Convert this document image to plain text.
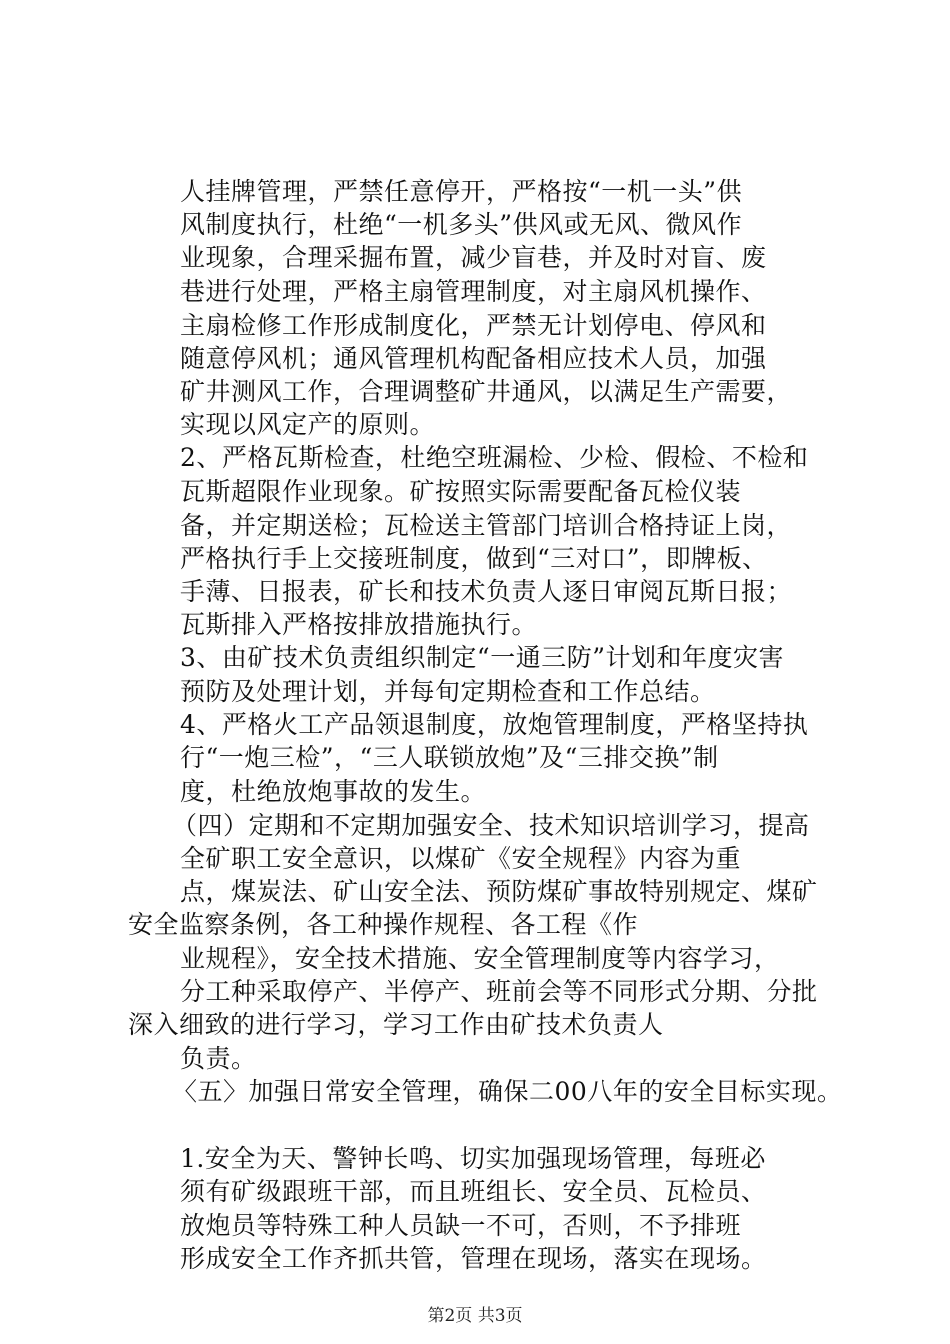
人挂牌管理，严禁任意停开，严格按“一机一头”供
风制度执行，杜绝“一机多头”供风或无风、微风作
业现象，合理采掘布置，减少盲巷，并及时对盲、废
巷进行处理，严格主扇管理制度，对主扇风机操作、
主扇检修工作形成制度化，严禁无计划停电、停风和
随意停风机；通风管理机构配备相应技术人员，加强
矿井测风工作，合理调整矿井通风，以满足生产需要，
实现以风定产的原则。
2、严格瓦斯检查，杜绝空班漏检、少检、假检、不检和
瓦斯超限作业现象。矿按照实际需要配备瓦检仪装
备，并定期送检；瓦检送主管部门培训合格持证上岗，
严格执行手上交接班制度，做到“三对口”，即牌板、
手薄、日报表，矿长和技术负责人逐日审阅瓦斯日报；
瓦斯排入严格按排放措施执行。
3、由矿技术负责组织制定“一通三防”计划和年度灾害
预防及处理计划，并每旬定期检查和工作总结。
4、严格火工产品领退制度，放炮管理制度，严格坚持执
行“一炮三检”，“三人联锁放炮”及“三排交换”制
度，杜绝放炮事故的发生。
（四）定期和不定期加强安全、技术知识培训学习，提高
全矿职工安全意识，以煤矿《安全规程》内容为重
点，煤炭法、矿山安全法、预防煤矿事故特别规定、煤矿
安全监察条例，各工种操作规程、各工程《作
业规程》，安全技术措施、安全管理制度等内容学习，
分工种采取停产、半停产、班前会等不同形式分期、分批
深入细致的进行学习，学习工作由矿技术负责人
负责。
〈五〉加强日常安全管理，确保二00八年的安全目标实现。
1.安全为天、警钟长鸣、切实加强现场管理，每班必
须有矿级跟班干部，而且班组长、安全员、瓦检员、
放炮员等特殊工种人员缺一不可，否则，不予排班
形成安全工作齐抓共管，管理在现场，落实在现场。
第2页 共3页
